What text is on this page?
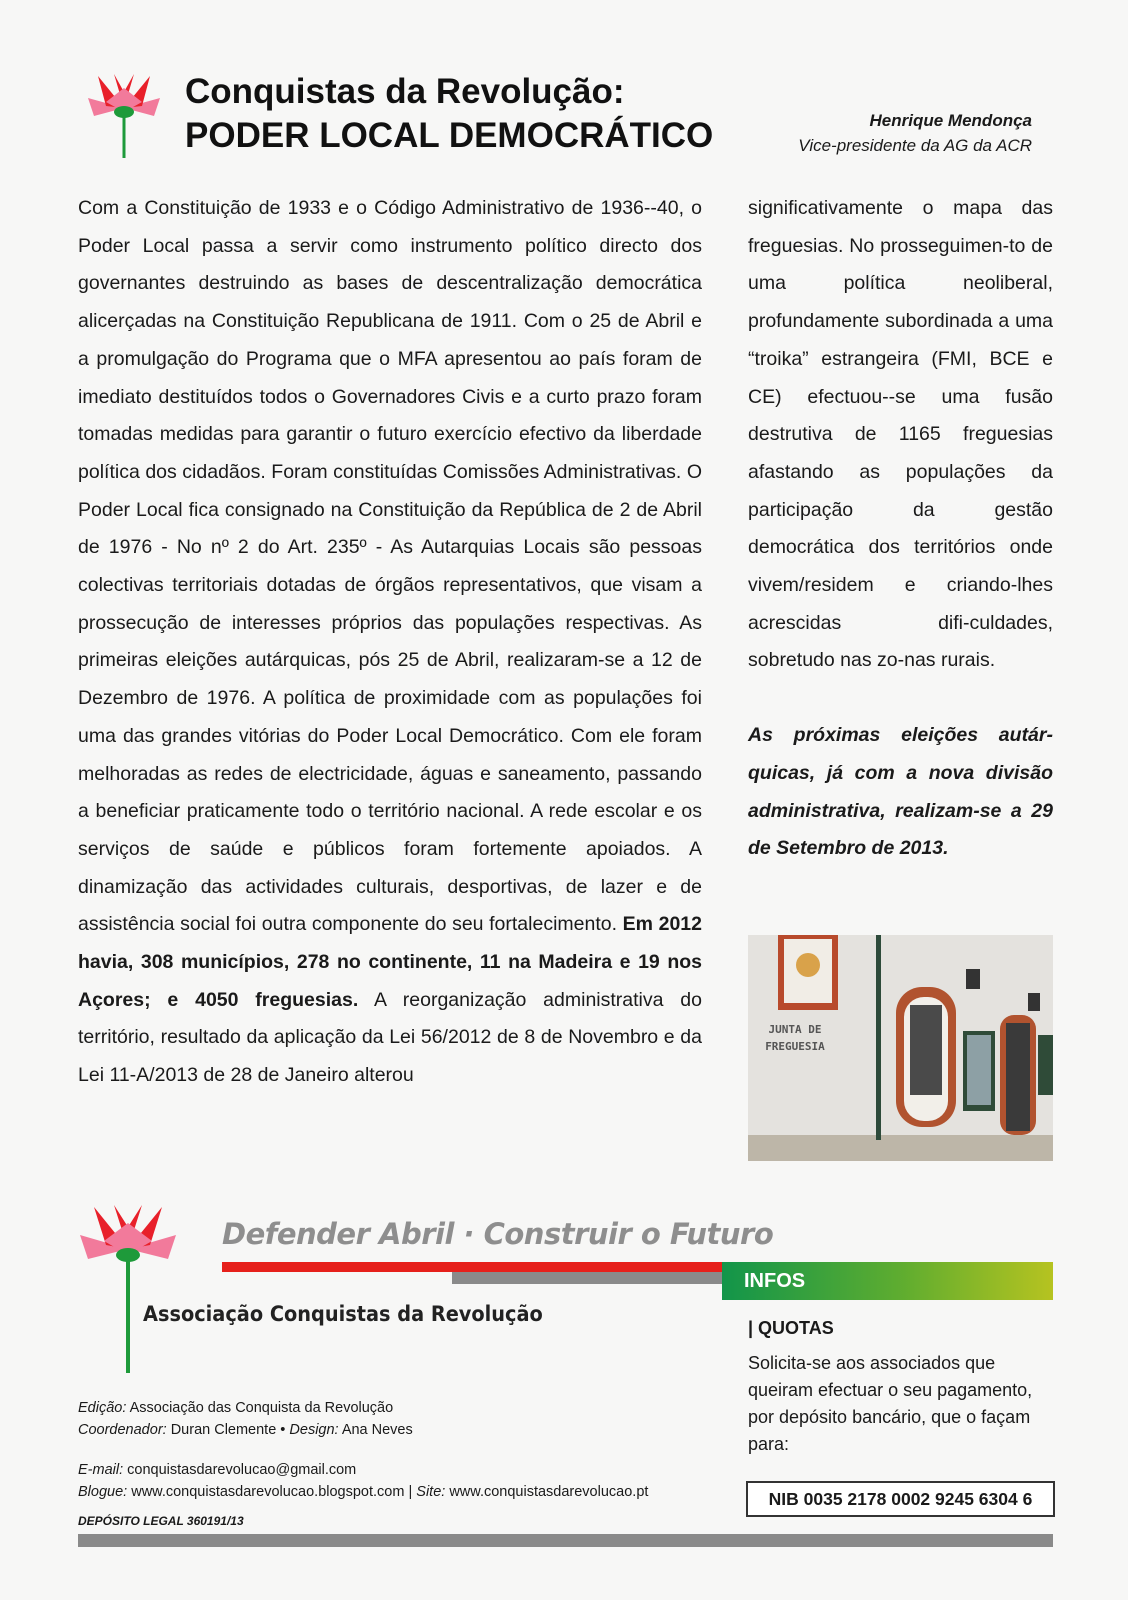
Conquistas da Revolução:
PODER LOCAL DEMOCRÁTICO	Henrique Mendonça
Vice-presidente da AG da ACR
Com a Constituição de 1933 e o Código Administrativo de 1936--40, o Poder Local passa a servir como instrumento político directo dos governantes destruindo as bases de descentralização democrática alicerçadas na Constituição Republicana de 1911. Com o 25 de Abril e a promulgação do Programa que o MFA apresentou ao país foram de imediato destituídos todos o Governadores Civis e a curto prazo foram tomadas medidas para garantir o futuro exercício efectivo da liberdade política dos cidadãos. Foram constituídas Comissões Administrativas. O Poder Local fica consignado na Constituição da República de 2 de Abril de 1976 - No nº 2 do Art. 235º - As Autarquias Locais são pessoas colectivas territoriais dotadas de órgãos representativos, que visam a prossecução de interesses próprios das populações respectivas. As primeiras eleições autárquicas, pós 25 de Abril, realizaram-se a 12 de Dezembro de 1976. A política de proximidade com as populações foi uma das grandes vitórias do Poder Local Democrático. Com ele foram melhoradas as redes de electricidade, águas e saneamento, passando a beneficiar praticamente todo o território nacional. A rede escolar e os serviços de saúde e públicos foram fortemente apoiados. A dinamização das actividades culturais, desportivas, de lazer e de assistência social foi outra componente do seu fortalecimento. Em 2012 havia, 308 municípios, 278 no continente, 11 na Madeira e 19 nos Açores; e 4050 freguesias. A reorganização administrativa do território, resultado da aplicação da Lei 56/2012 de 8 de Novembro e da Lei 11-A/2013 de 28 de Janeiro alterou
significativamente o mapa das freguesias. No prosseguimen-to de uma política neoliberal, profundamente subordinada a uma “troika” estrangeira (FMI, BCE e CE) efectuou--se uma fusão destrutiva de 1165 freguesias afastando as populações da participação da gestão democrática dos territórios onde vivem/residem e criando-lhes acrescidas difi-culdades, sobretudo nas zo-nas rurais.
As próximas eleições autár-quicas, já com a nova divisão administrativa, realizam-se a 29 de Setembro de 2013.
JUNTA DE FREGUESIA
Defender Abril · Construir o Futuro
INFOS
Associação Conquistas da Revolução
| QUOTAS
Solicita-se aos associados que queiram efectuar o seu pagamento, por depósito bancário, que o façam para:
NIB 0035 2178 0002 9245 6304 6
Edição: Associação das Conquista da Revolução
Coordenador: Duran Clemente • Design: Ana Neves
E-mail: conquistasdarevolucao@gmail.com
Blogue: www.conquistasdarevolucao.blogspot.com | Site: www.conquistasdarevolucao.pt
DEPÓSITO LEGAL 360191/13
